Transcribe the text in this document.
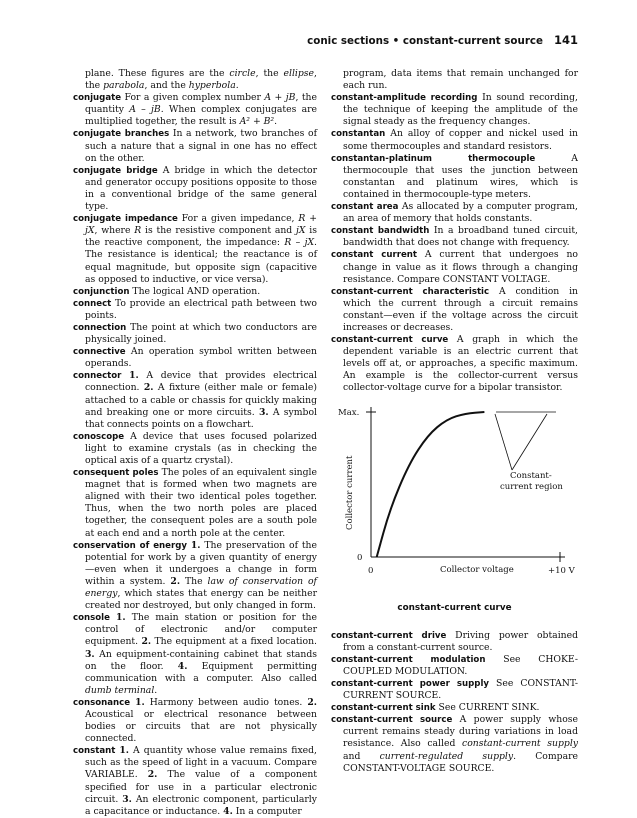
conic sections • constant-current source 141

plane. These figures are the circle, the ellipse, the parabola, and the hyperbola.

conjugate For a given complex number A + jB, the quantity A – jB. When complex conjugates are multiplied together, the result is A² + B².

conjugate branches In a network, two branches of such a nature that a signal in one has no effect on the other.

conjugate bridge A bridge in which the detector and generator occupy positions opposite to those in a conventional bridge of the same general type.

conjugate impedance For a given impedance, R + jX, where R is the resistive component and jX is the reactive component, the impedance: R – jX. The resistance is identical; the reactance is of equal magnitude, but opposite sign (capacitive as opposed to inductive, or vice versa).

conjunction The logical AND operation.

connect To provide an electrical path between two points.

connection The point at which two conductors are physically joined.

connective An operation symbol written between operands.

connector 1. A device that provides electrical connection. 2. A fixture (either male or female) attached to a cable or chassis for quickly making and breaking one or more circuits. 3. A symbol that connects points on a flowchart.

conoscope A device that uses focused polarized light to examine crystals (as in checking the optical axis of a quartz crystal).

consequent poles The poles of an equivalent single magnet that is formed when two magnets are aligned with their two identical poles together. Thus, when the two north poles are placed together, the consequent poles are a south pole at each end and a north pole at the center.

conservation of energy 1. The preservation of the potential for work by a given quantity of energy—even when it undergoes a change in form within a system. 2. The law of conservation of energy, which states that energy can be neither created nor destroyed, but only changed in form.

console 1. The main station or position for the control of electronic and/or computer equipment. 2. The equipment at a fixed location. 3. An equipment-containing cabinet that stands on the floor. 4. Equipment permitting communication with a computer. Also called dumb terminal.

consonance 1. Harmony between audio tones. 2. Acoustical or electrical resonance between bodies or circuits that are not physically connected.

constant 1. A quantity whose value remains fixed, such as the speed of light in a vacuum. Compare VARIABLE. 2. The value of a component specified for use in a particular electronic circuit. 3. An electronic component, particularly a capacitance or inductance. 4. In a computer

program, data items that remain unchanged for each run.

constant-amplitude recording In sound recording, the technique of keeping the amplitude of the signal steady as the frequency changes.

constantan An alloy of copper and nickel used in some thermocouples and standard resistors.

constantan-platinum thermocouple	A thermocouple that uses the junction between constantan and platinum wires, which is contained in thermocouple-type meters.

constant area As allocated by a computer program, an area of memory that holds constants.

constant bandwidth In a broadband tuned circuit, bandwidth that does not change with frequency.

constant current A current that undergoes no change in value as it flows through a changing resistance. Compare CONSTANT VOLTAGE.

constant-current characteristic A condition in which the current through a circuit remains constant—even if the voltage across the circuit increases or decreases.

constant-current curve A graph in which the dependent variable is an electric current that levels off at, or approaches, a specific maximum. An example is the collector-current versus collector-voltage curve for a bipolar transistor.

Max.
0
0	Collector voltage	+10 V
Collector current	Constant-
current region
constant-current curve

constant-current drive Driving power obtained from a constant-current source.

constant-current modulation See CHOKE-COUPLED MODULATION.

constant-current power supply See CONSTANT-CURRENT SOURCE.

constant-current sink See CURRENT SINK.

constant-current source A power supply whose current remains steady during variations in load resistance. Also called constant-current supply and current-regulated supply. Compare CONSTANT-VOLTAGE SOURCE.
